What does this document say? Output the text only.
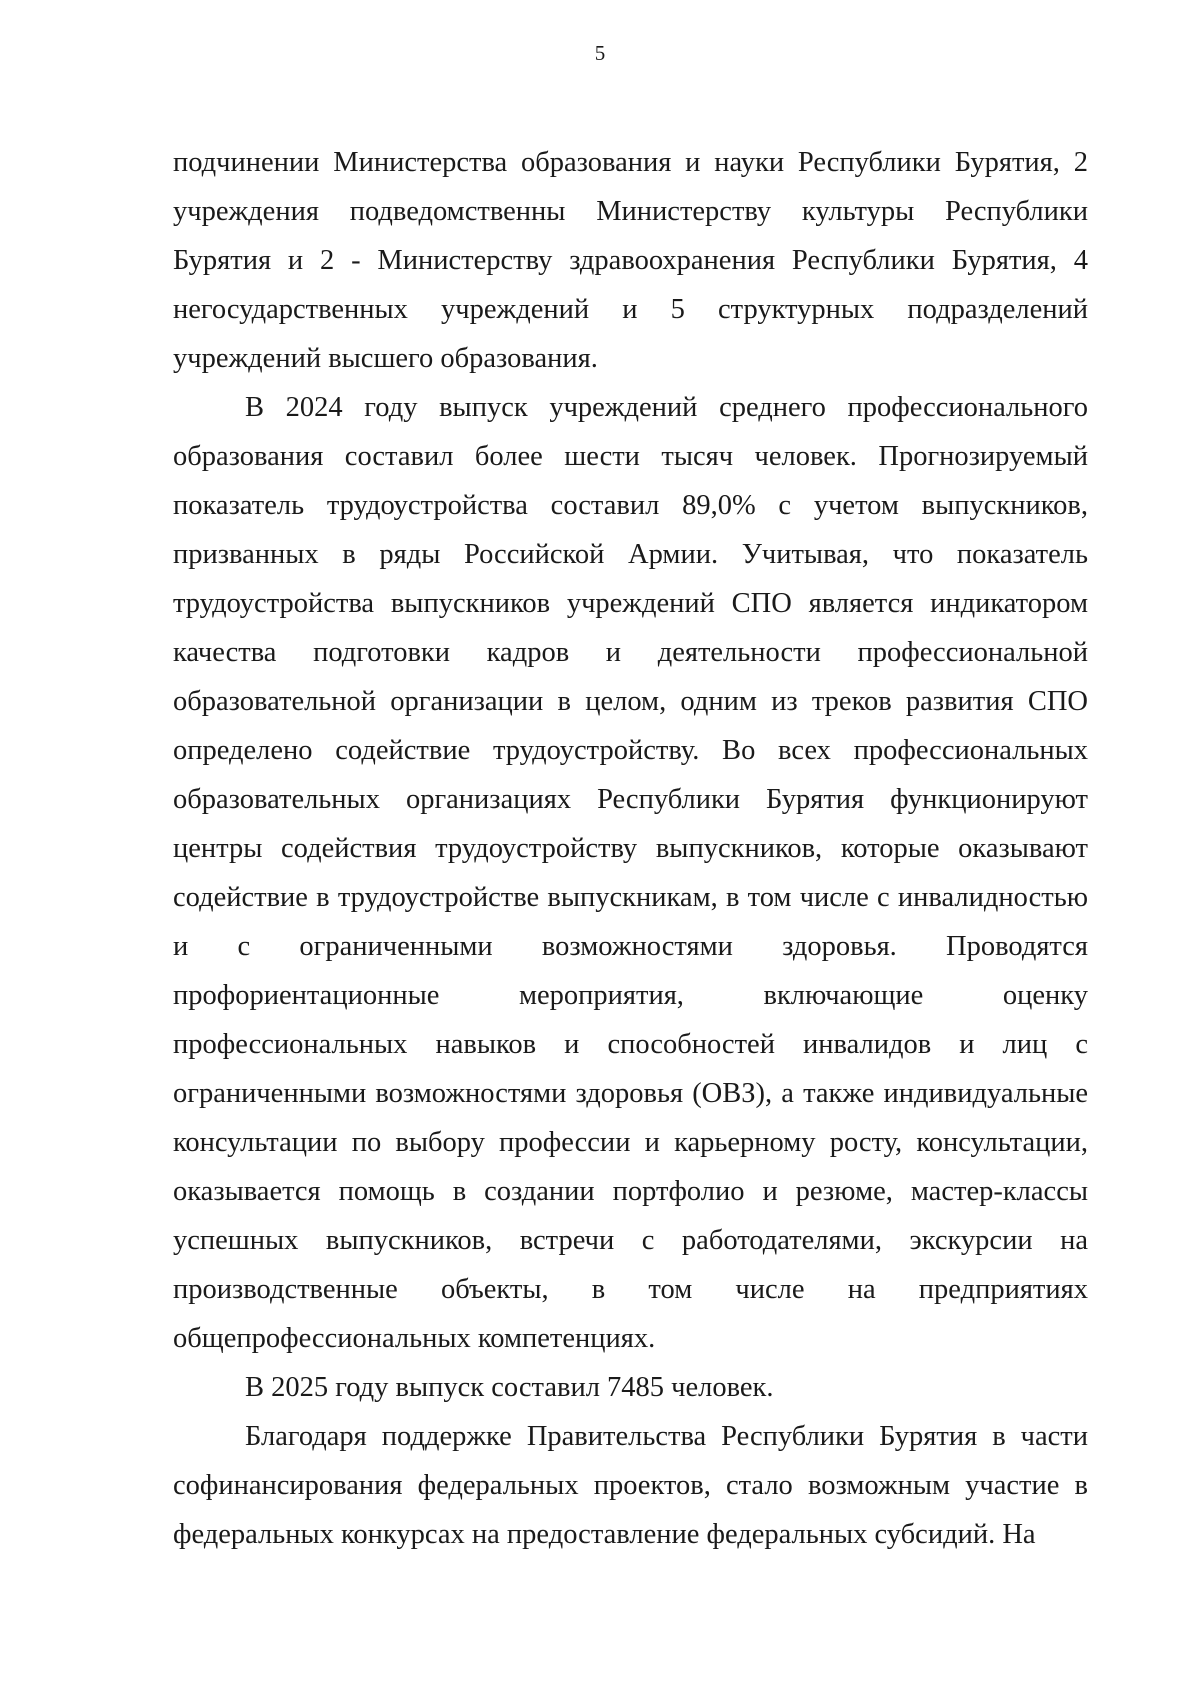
5

подчинении Министерства образования и науки Республики Бурятия, 2 учреждения подведомственны Министерству культуры Республики Бурятия и 2 - Министерству здравоохранения Республики Бурятия, 4 негосударственных учреждений и 5 структурных подразделений учреждений высшего образования.

В 2024 году выпуск учреждений среднего профессионального образования составил более шести тысяч человек. Прогнозируемый показатель трудоустройства составил 89,0% с учетом выпускников, призванных в ряды Российской Армии. Учитывая, что показатель трудоустройства выпускников учреждений СПО является индикатором качества подготовки кадров и деятельности профессиональной образовательной организации в целом, одним из треков развития СПО определено содействие трудоустройству. Во всех профессиональных образовательных организациях Республики Бурятия функционируют центры содействия трудоустройству выпускников, которые оказывают содействие в трудоустройстве выпускникам, в том числе с инвалидностью и с ограниченными возможностями здоровья. Проводятся профориентационные мероприятия, включающие оценку профессиональных навыков и способностей инвалидов и лиц с ограниченными возможностями здоровья (ОВЗ), а также индивидуальные консультации по выбору профессии и карьерному росту, консультации, оказывается помощь в создании портфолио и резюме, мастер-классы успешных выпускников, встречи с работодателями, экскурсии на производственные объекты, в том числе на предприятиях общепрофессиональных компетенциях.

В 2025 году выпуск составил 7485 человек.

Благодаря поддержке Правительства Республики Бурятия в части софинансирования федеральных проектов, стало возможным участие в федеральных конкурсах на предоставление федеральных субсидий. На
